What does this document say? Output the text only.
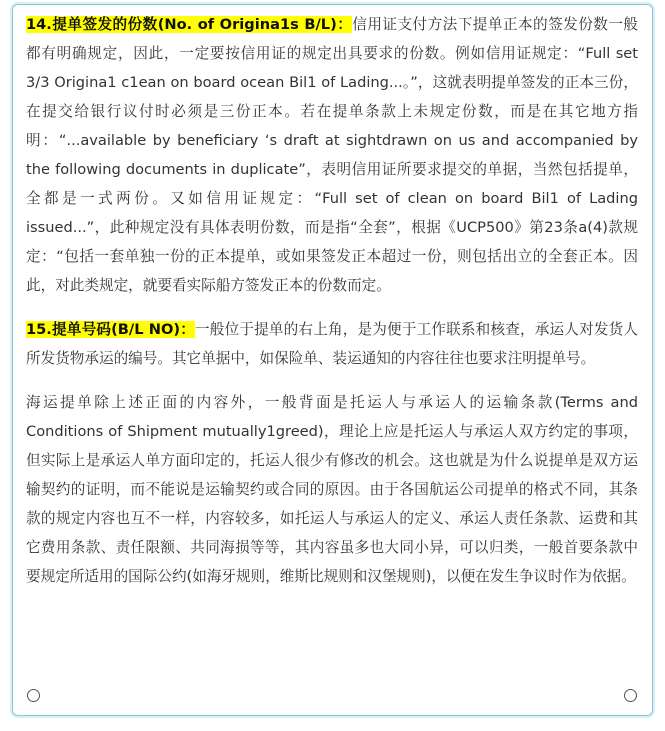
14.提单签发的份数(No. of Origina1s B/L)：信用证支付方法下提单正本的签发份数一般都有明确规定，因此，一定要按信用证的规定出具要求的份数。例如信用证规定：“Full set 3/3 Origina1 c1ean on board ocean Bil1 of Lading...。”，这就表明提单签发的正本三份，在提交给银行议付时必须是三份正本。若在提单条款上未规定份数，而是在其它地方指明：“...available by beneficiary ‘s draft at sightdrawn on us and accompanied by the following documents in duplicate”，表明信用证所要求提交的单据，当然包括提单，全都是一式两份。又如信用证规定：“Full set of clean on board Bil1 of Lading issued...”，此种规定没有具体表明份数，而是指“全套”，根据《UCP500》第23条a(4)款规定：“包括一套单独一份的正本提单，或如果签发正本超过一份，则包括出立的全套正本。因此，对此类规定，就要看实际船方签发正本的份数而定。

15.提单号码(B/L NO)：一般位于提单的右上角，是为便于工作联系和核查，承运人对发货人所发货物承运的编号。其它单据中，如保险单、装运通知的内容往往也要求注明提单号。

海运提单除上述正面的内容外，一般背面是托运人与承运人的运输条款(Terms and Conditions of Shipment mutually1greed)，理论上应是托运人与承运人双方约定的事项，但实际上是承运人单方面印定的，托运人很少有修改的机会。这也就是为什么说提单是双方运输契约的证明，而不能说是运输契约或合同的原因。由于各国航运公司提单的格式不同，其条款的规定内容也互不一样，内容较多，如托运人与承运人的定义、承运人责任条款、运费和其它费用条款、责任限额、共同海损等等，其内容虽多也大同小异，可以归类，一般首要条款中要规定所适用的国际公约(如海牙规则，维斯比规则和汉堡规则)，以便在发生争议时作为依据。
